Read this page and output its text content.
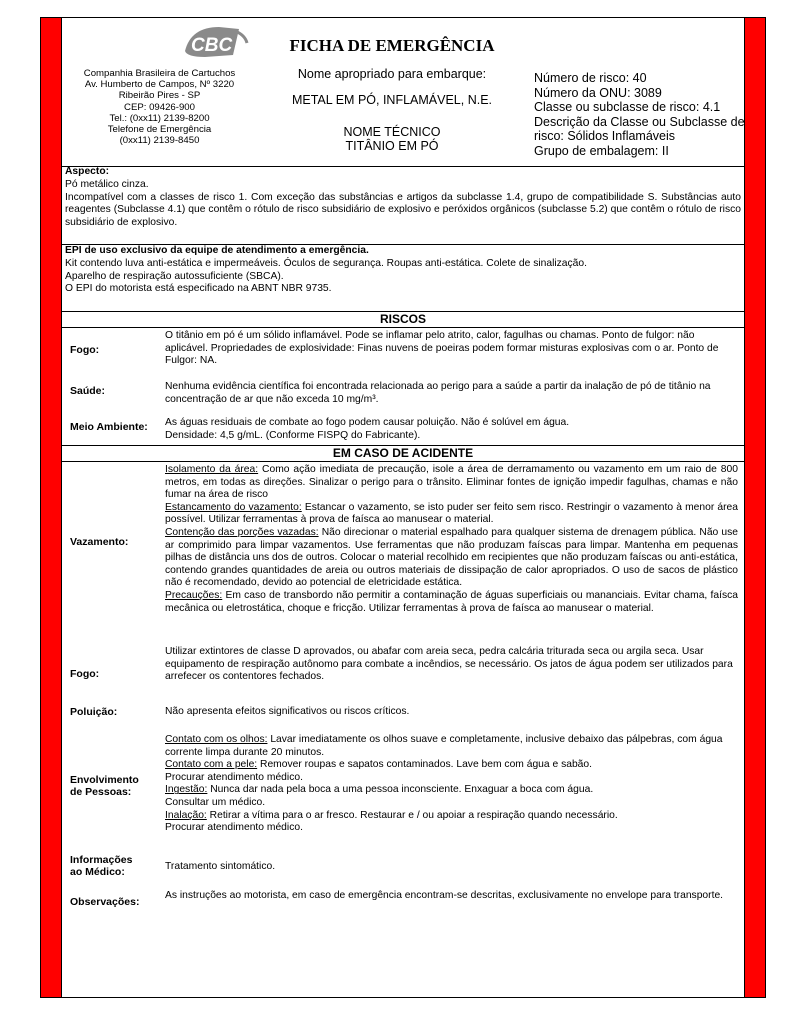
CBC
Companhia Brasileira de Cartuchos
Av. Humberto de Campos, Nº 3220
Ribeirão Pires - SP
CEP: 09426-900
Tel.: (0xx11) 2139-8200
Telefone de Emergência
(0xx11) 2139-8450
FICHA DE EMERGÊNCIA
Nome apropriado para embarque:
METAL EM PÓ, INFLAMÁVEL, N.E.
NOME TÉCNICO
TITÂNIO EM PÓ
Número de risco: 40
Número da ONU: 3089
Classe ou subclasse de risco: 4.1
Descrição da Classe ou Subclasse de risco: Sólidos Inflamáveis
Grupo de embalagem: II

Aspecto:

Pó metálico cinza.

Incompatível com a classes de risco 1. Com exceção das substâncias e artigos da subclasse 1.4, grupo de compatibilidade S. Substâncias auto reagentes (Subclasse 4.1) que contêm o rótulo de risco subsidiário de explosivo e peróxidos orgânicos (subclasse 5.2) que contêm o rótulo de risco subsidiário de explosivo.

EPI de uso exclusivo da equipe de atendimento a emergência.

Kit contendo luva anti-estática e impermeáveis. Óculos de segurança. Roupas anti-estática. Colete de sinalização.

Aparelho de respiração autossuficiente (SBCA).

O EPI do motorista está especificado na ABNT NBR 9735.

RISCOS
Fogo:
O titânio em pó é um sólido inflamável. Pode se inflamar pelo atrito, calor, fagulhas ou chamas. Ponto de fulgor: não aplicável. Propriedades de explosividade: Finas nuvens de poeiras podem formar misturas explosivas com o ar. Ponto de Fulgor: NA.
Saúde:	Nenhuma evidência científica foi encontrada relacionada ao perigo para a saúde a partir da inalação de pó de titânio na concentração de ar que não exceda 10 mg/m³.
Meio Ambiente:	As águas residuais de combate ao fogo podem causar poluição. Não é solúvel em água.

Densidade: 4,5 g/mL. (Conforme FISPQ do Fabricante).

EM CASO DE ACIDENTE
Vazamento:

Isolamento da área: Como ação imediata de precaução, isole a área de derramamento ou vazamento em um raio de 800 metros, em todas as direções. Sinalizar o perigo para o trânsito. Eliminar fontes de ignição impedir fagulhas, chamas e não fumar na área de risco

Estancamento do vazamento: Estancar o vazamento, se isto puder ser feito sem risco. Restringir o vazamento à menor área possível. Utilizar ferramentas à prova de faísca ao manusear o material.

Contenção das porções vazadas: Não direcionar o material espalhado para qualquer sistema de drenagem pública. Não use ar comprimido para limpar vazamentos. Use ferramentas que não produzam faíscas para limpar. Mantenha em pequenas pilhas de distância uns dos de outros. Colocar o material recolhido em recipientes que não produzam faíscas ou anti-estática, contendo grandes quantidades de areia ou outros materiais de dissipação de calor apropriados. O uso de sacos de plástico não é recomendado, devido ao potencial de eletricidade estática.

Precauções: Em caso de transbordo não permitir a contaminação de águas superficiais ou mananciais. Evitar chama, faísca mecânica ou eletrostática, choque e fricção. Utilizar ferramentas à prova de faísca ao manusear o material.

Fogo:
Utilizar extintores de classe D aprovados, ou abafar com areia seca, pedra calcária triturada seca ou argila seca. Usar equipamento de respiração autônomo para combate a incêndios, se necessário. Os jatos de água podem ser utilizados para arrefecer os contentores fechados.
Poluição:	Não apresenta efeitos significativos ou riscos críticos.
Envolvimento de Pessoas:

Contato com os olhos: Lavar imediatamente os olhos suave e completamente, inclusive debaixo das pálpebras, com água corrente limpa durante 20 minutos.

Contato com a pele: Remover roupas e sapatos contaminados. Lave bem com água e sabão.

Procurar atendimento médico.

Ingestão: Nunca dar nada pela boca a uma pessoa inconsciente. Enxaguar a boca com água.

Consultar um médico.

Inalação: Retirar a vítima para o ar fresco. Restaurar e / ou apoiar a respiração quando necessário.

Procurar atendimento médico.

Informações ao Médico:	Tratamento sintomático.
Observações:
As instruções ao motorista, em caso de emergência encontram-se descritas, exclusivamente no envelope para transporte.
